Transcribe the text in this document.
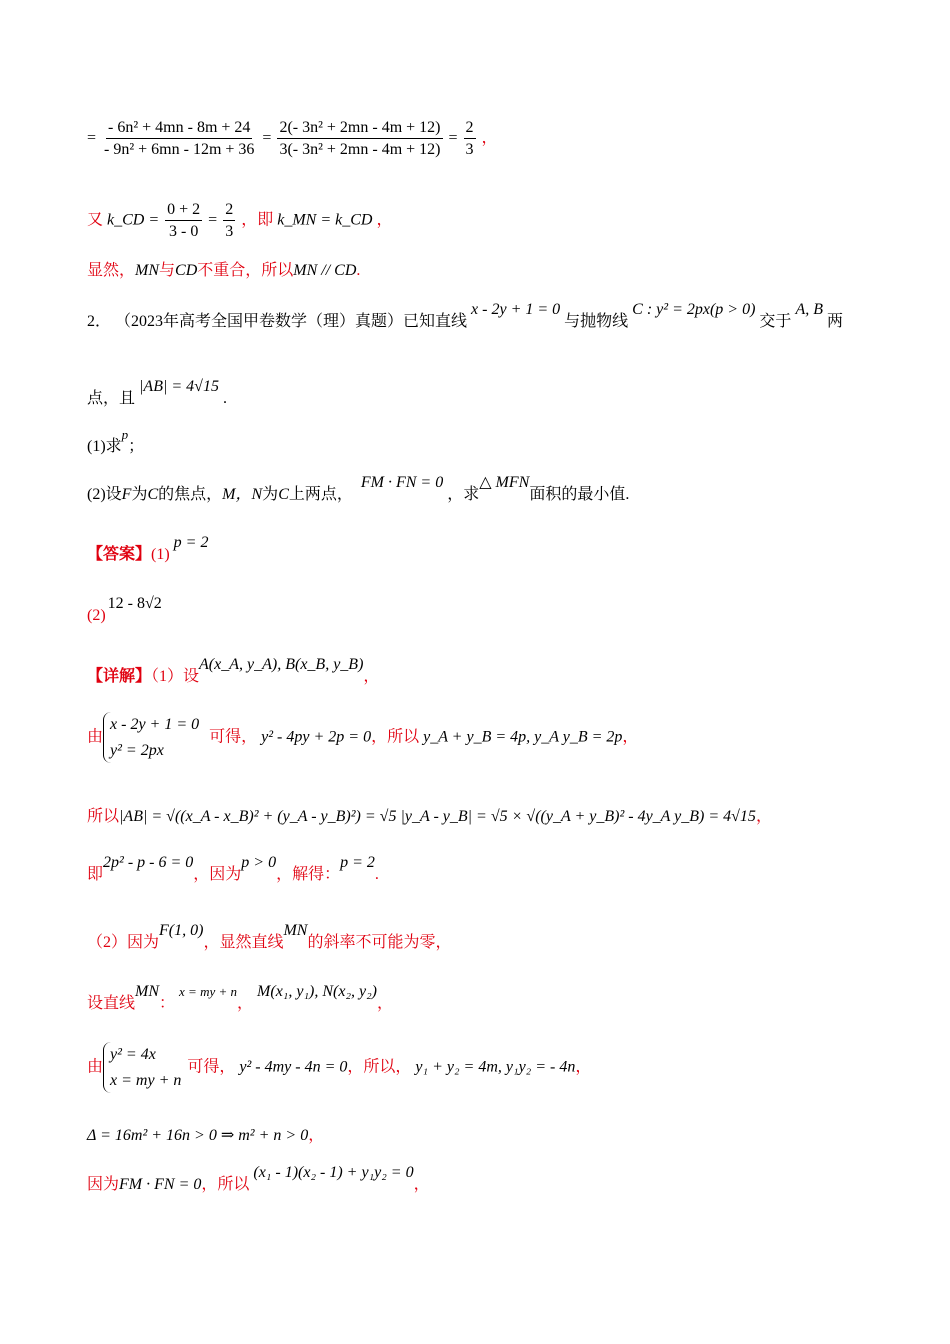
= $\frac{\text{- 6n² + 4mn - 8m + 24}}{\text{- 9n² + 6mn - 12m + 36}} = \frac{\text{2(- 3n² + 2mn - 4m + 12)}}{\text{3(- 3n² + 2mn - 4m + 12)}} = \frac{2}{3}$ ，
又 k_CD = $\frac{0 + 2}{3 - 0} = \frac{2}{3}$ ，即 k_MN = k_CD ，
显然，MN与CD不重合，所以MN // CD.
2． （2023年高考全国甲卷数学（理）真题）已知直线 x - 2y + 1 = 0 与抛物线 C : y² = 2px(p > 0) 交于 A, B 两
点，且 |AB| = 4√15 .
(1)求$^p$；
(2)设F为C的焦点，M，N为C上两点， FM · FN = 0，求△ MFN面积的最小值.
【答案】(1)p = 2
(2)12 - 8√2
【详解】（1）设A(x_A, y_A), B(x_B, y_B)，
由x - 2y + 1 = 0
y² = 2px 可得， y² - 4py + 2p = 0，所以 y_A + y_B = 4p, y_A y_B = 2p，
所以|AB| = √((x_A - x_B)² + (y_A - y_B)²) = √5 |y_A - y_B| = √5 × √((y_A + y_B)² - 4y_A y_B) = 4√15，
即2p² - p - 6 = 0，因为p > 0，解得：p = 2.
（2）因为F(1, 0)，显然直线MN的斜率不可能为零，
设直线MN： $^{x = my + n}$， M(x₁, y₁), N(x₂, y₂)，
由y² = 4x
x = my + n可得， y² - 4my - 4n = 0，所以， y₁ + y₂ = 4m, y₁y₂ = - 4n，
Δ = 16m² + 16n > 0 ⇒ m² + n > 0，
因为FM · FN = 0，所以(x₁ - 1)(x₂ - 1) + y₁y₂ = 0，
